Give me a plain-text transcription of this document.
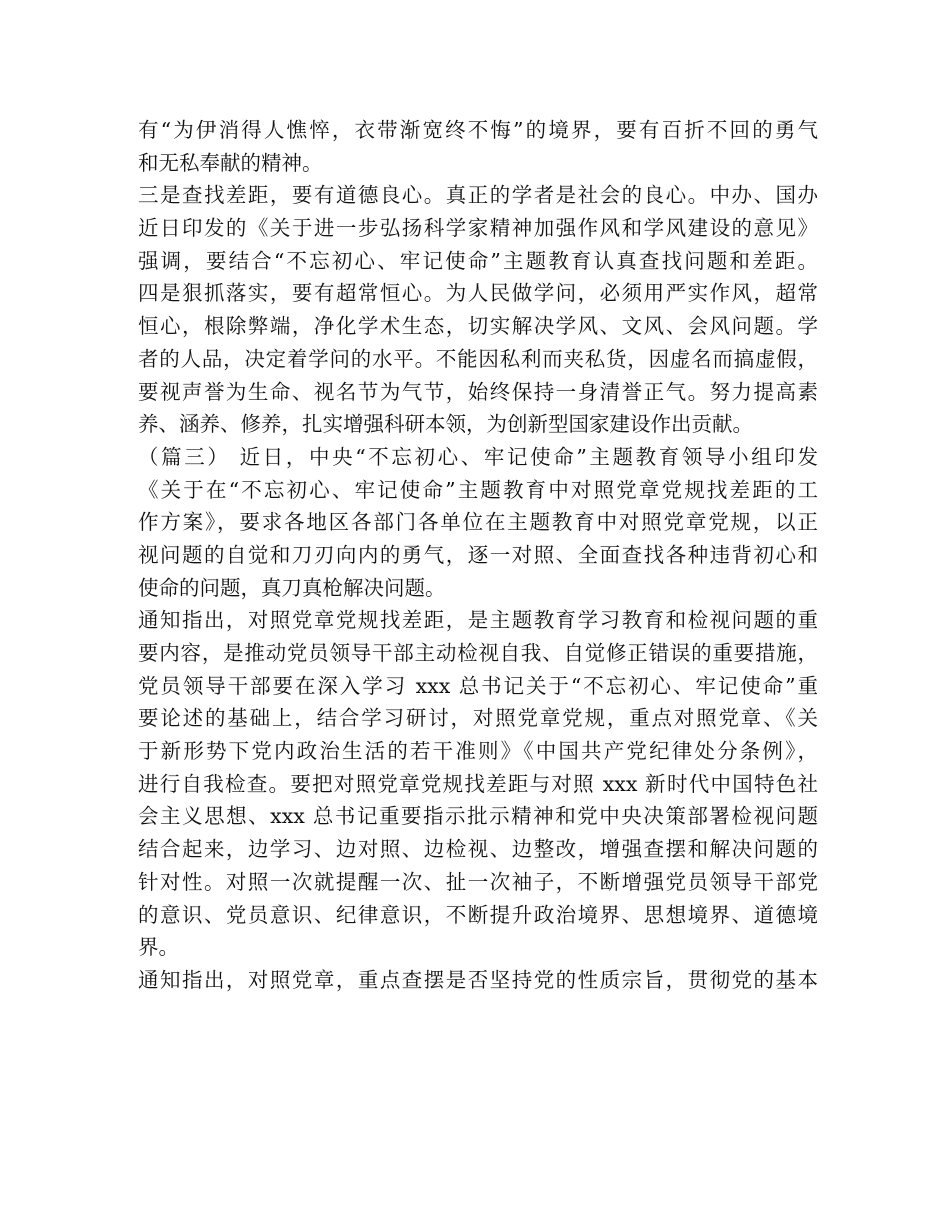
有“为伊消得人憔悴，衣带渐宽终不悔”的境界，要有百折不回的勇气
和无私奉献的精神。
三是查找差距，要有道德良心。真正的学者是社会的良心。中办、国办
近日印发的《关于进一步弘扬科学家精神加强作风和学风建设的意见》
强调，要结合“不忘初心、牢记使命”主题教育认真查找问题和差距。
四是狠抓落实，要有超常恒心。为人民做学问，必须用严实作风，超常
恒心，根除弊端，净化学术生态，切实解决学风、文风、会风问题。学
者的人品，决定着学问的水平。不能因私利而夹私货，因虚名而搞虚假，
要视声誉为生命、视名节为气节，始终保持一身清誉正气。努力提高素
养、涵养、修养，扎实增强科研本领，为创新型国家建设作出贡献。
（篇三） 近日，中央“不忘初心、牢记使命”主题教育领导小组印发
《关于在“不忘初心、牢记使命”主题教育中对照党章党规找差距的工
作方案》，要求各地区各部门各单位在主题教育中对照党章党规，以正
视问题的自觉和刀刃向内的勇气，逐一对照、全面查找各种违背初心和
使命的问题，真刀真枪解决问题。
通知指出，对照党章党规找差距，是主题教育学习教育和检视问题的重
要内容，是推动党员领导干部主动检视自我、自觉修正错误的重要措施，
党员领导干部要在深入学习 xxx 总书记关于“不忘初心、牢记使命”重
要论述的基础上，结合学习研讨，对照党章党规，重点对照党章、《关
于新形势下党内政治生活的若干准则》《中国共产党纪律处分条例》，
进行自我检查。要把对照党章党规找差距与对照 xxx 新时代中国特色社
会主义思想、xxx 总书记重要指示批示精神和党中央决策部署检视问题
结合起来，边学习、边对照、边检视、边整改，增强查摆和解决问题的
针对性。对照一次就提醒一次、扯一次袖子，不断增强党员领导干部党
的意识、党员意识、纪律意识，不断提升政治境界、思想境界、道德境
界。
通知指出，对照党章，重点查摆是否坚持党的性质宗旨，贯彻党的基本
